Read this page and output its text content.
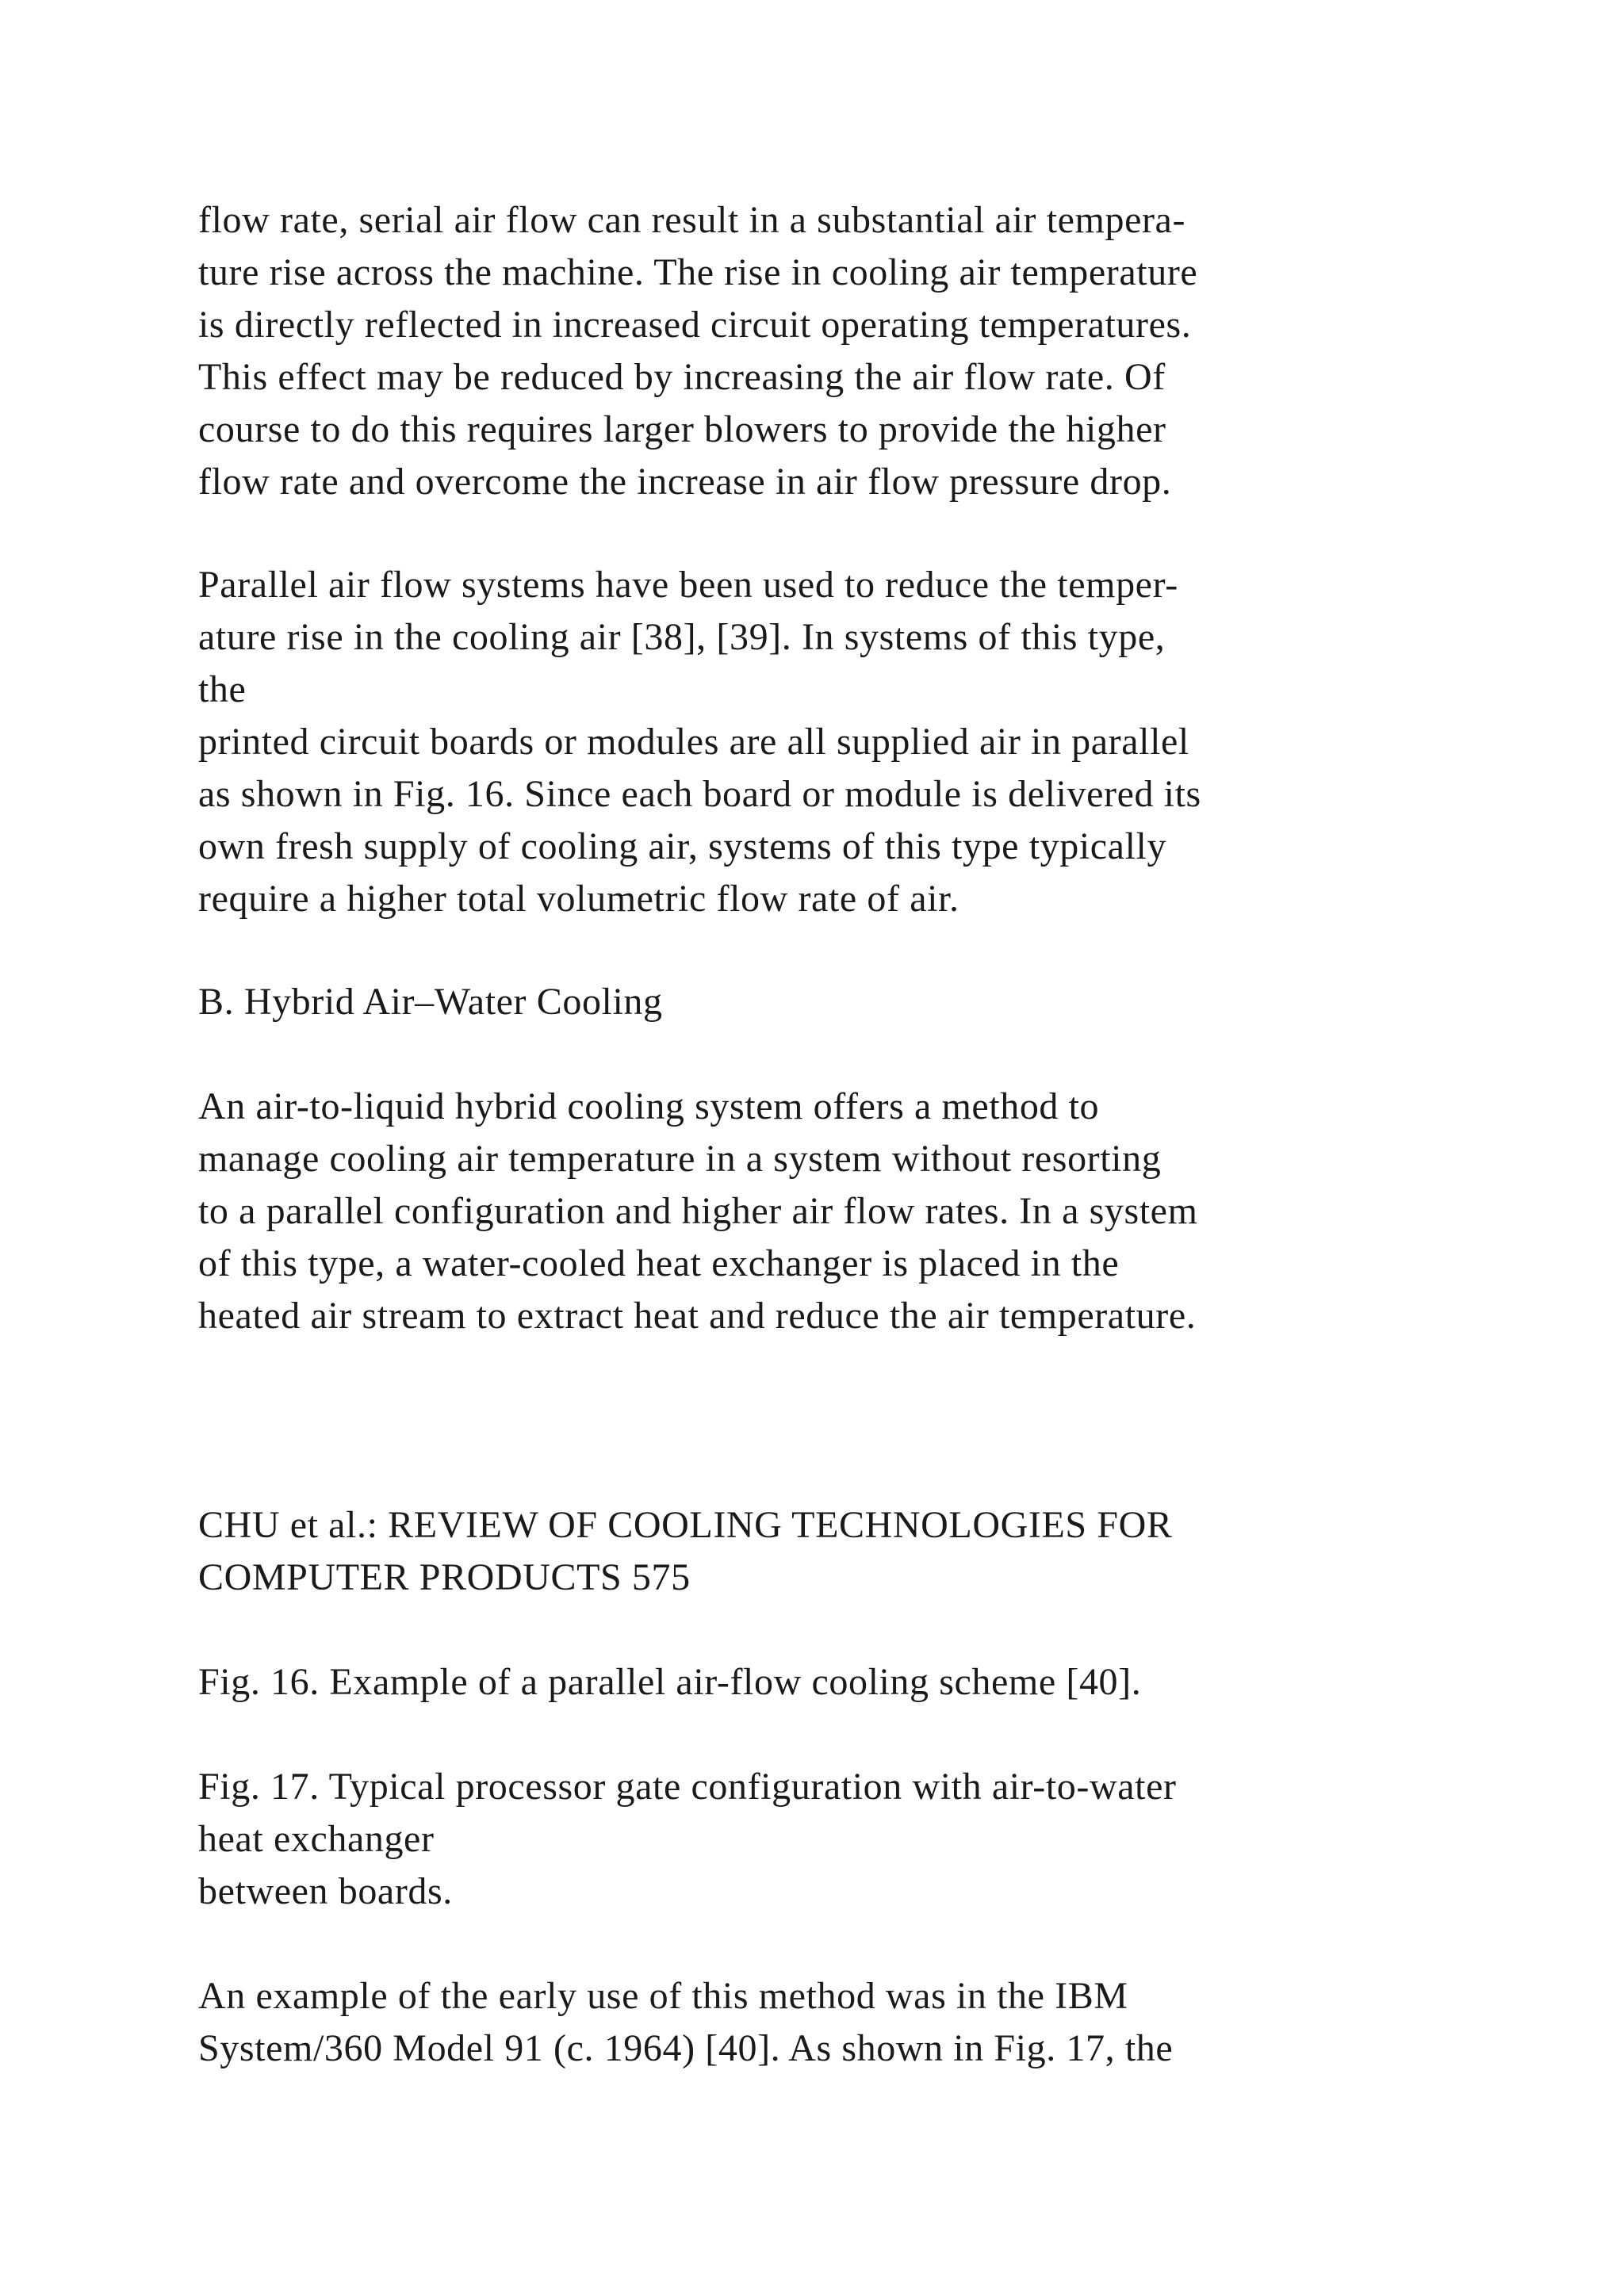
flow rate, serial air flow can result in a substantial air tempera-

ture rise across the machine. The rise in cooling air temperature

is directly reflected in increased circuit operating temperatures.

This effect may be reduced by increasing the air flow rate. Of

course to do this requires larger blowers to provide the higher

flow rate and overcome the increase in air flow pressure drop.

Parallel air flow systems have been used to reduce the temper-

ature rise in the cooling air [38], [39]. In systems of this type,

the

printed circuit boards or modules are all supplied air in parallel

as shown in Fig. 16. Since each board or module is delivered its

own fresh supply of cooling air, systems of this type typically

require a higher total volumetric flow rate of air.

B. Hybrid Air–Water Cooling

An air-to-liquid hybrid cooling system offers a method to

manage cooling air temperature in a system without resorting

to a parallel configuration and higher air flow rates. In a system

of this type, a water-cooled heat exchanger is placed in the

heated air stream to extract heat and reduce the air temperature.

CHU et al.: REVIEW OF COOLING TECHNOLOGIES FOR

COMPUTER PRODUCTS 575

Fig. 16. Example of a parallel air-flow cooling scheme [40].

Fig. 17. Typical processor gate configuration with air-to-water

heat exchanger

between boards.

An example of the early use of this method was in the IBM

System/360 Model 91 (c. 1964) [40]. As shown in Fig. 17, the
